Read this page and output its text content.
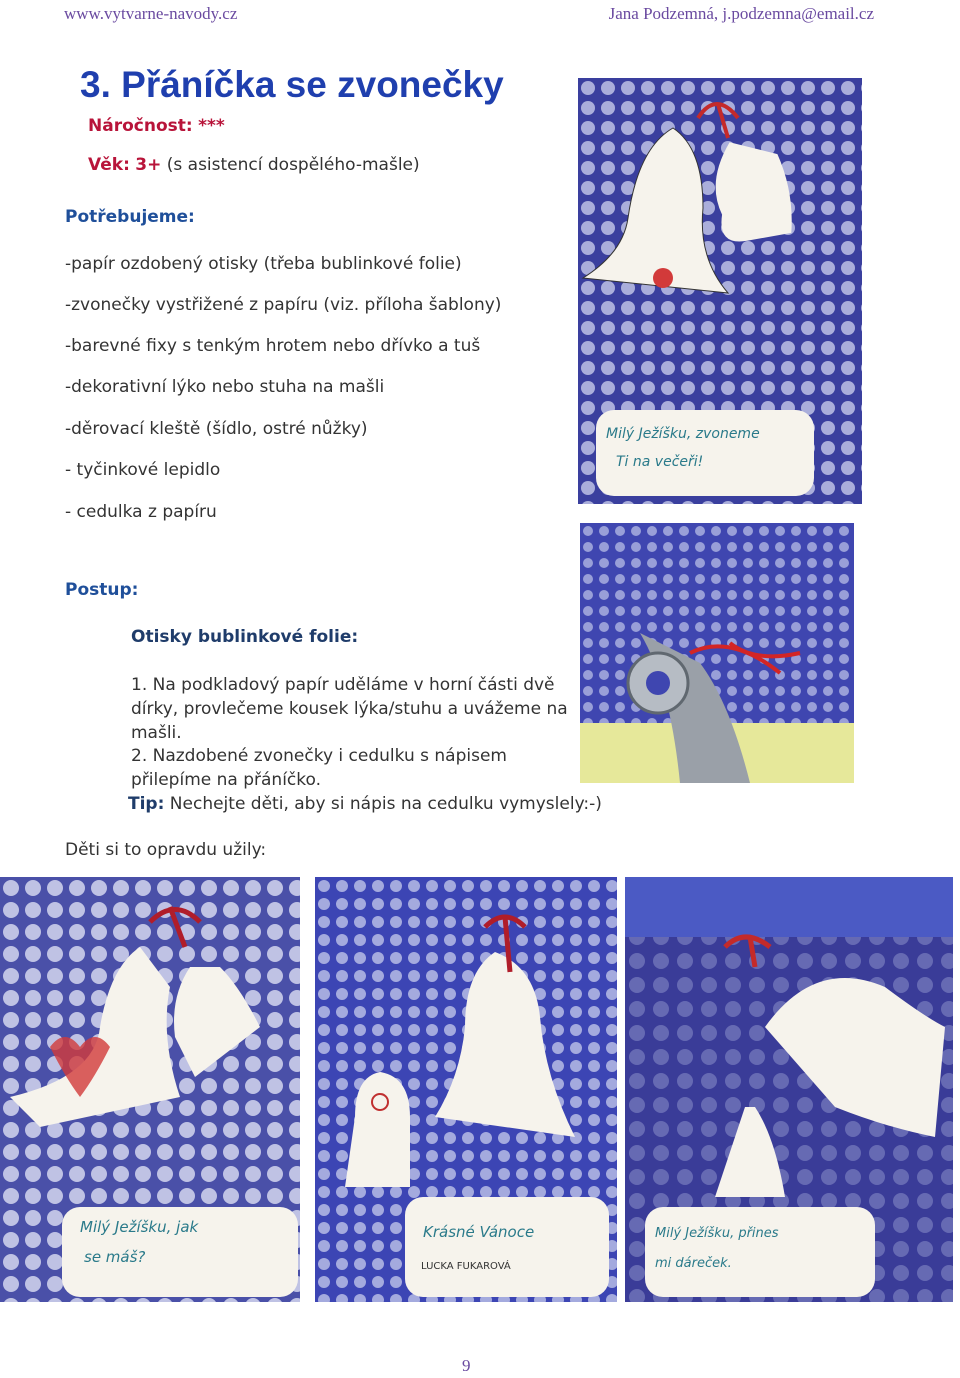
www.vytvarne-navody.cz	Jana Podzemná, j.podzemna@email.cz
3. Přáníčka se zvonečky
Náročnost: ***
Věk: 3+ (s asistencí dospělého-mašle)
Potřebujeme:
-papír ozdobený otisky (třeba bublinkové folie)
-zvonečky vystřižené z papíru (viz. příloha šablony)
-barevné fixy s tenkým hrotem nebo dřívko a tuš
-dekorativní lýko nebo stuha na mašli
-děrovací kleště (šídlo, ostré nůžky)
- tyčinkové lepidlo
- cedulka z papíru
Postup:
Otisky bublinkové folie:
1. Na podkladový papír uděláme v horní části dvě
dírky, provlečeme kousek lýka/stuhu a uvážeme na
mašli.
2. Nazdobené zvonečky i cedulku s nápisem
přilepíme na přáníčko.
Tip: Nechejte děti, aby si nápis na cedulku vymyslely:-)
Děti si to opravdu užily:
Milý Ježíšku, zvoneme
Ti na večeři!
Milý Ježíšku, jak
se máš?
Krásné Vánoce
LUCKA FUKAROVÁ
Milý Ježíšku, přines
mi dáreček.
9
